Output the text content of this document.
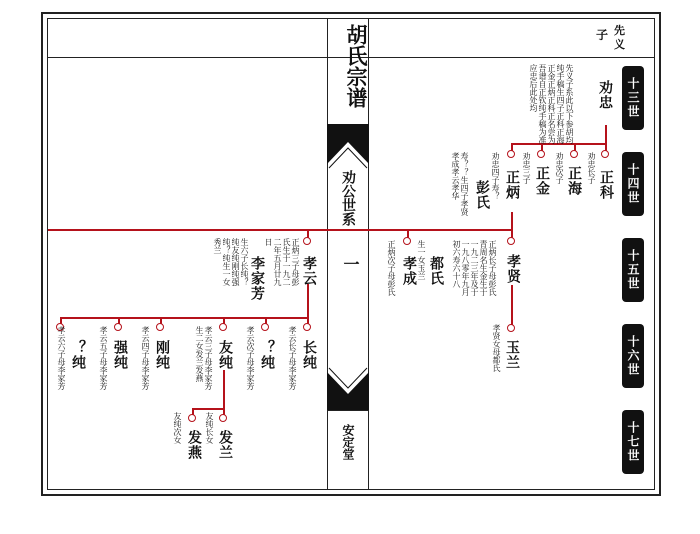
胡氏宗谱
劝公世系
一
安定堂
子 先
义
十三世
十四世
十五世
十六世
十七世
劝忠
先义子系此以下参胡均纯手稿生四子正科正海正金正炳正科正名尝为吾谱自正钦纯手稿为准应忠后此处均
正科
劝忠长子
正海
劝忠次子
正金
劝忠三子
正炳
劝忠四子寿？
彭氏
寿？？生四子孝贤孝成孝云孝华
孝贤
正炳长子母彭氏青周名生金生于一九二三年及于一九八零年九月初六寿六十八
都氏
生一女玉兰
孝成
正炳次子母彭氏
孝云
正炳三子母彭氏生于一九二二年五月廿九日
李家芳
生六子长纯？纯友纯刚纯强纯？纯生一女秀兰
玉兰
孝贤女母都氏
长纯
孝云长子母李家芳
？纯
孝云次子母李家芳
友纯
孝云三子母李家芳生二女发兰发燕
刚纯
孝云四子母李家芳
强纯
孝云五子母李家芳
？纯
孝云六子母李家芳
发兰
友纯长女
发燕
友纯次女
